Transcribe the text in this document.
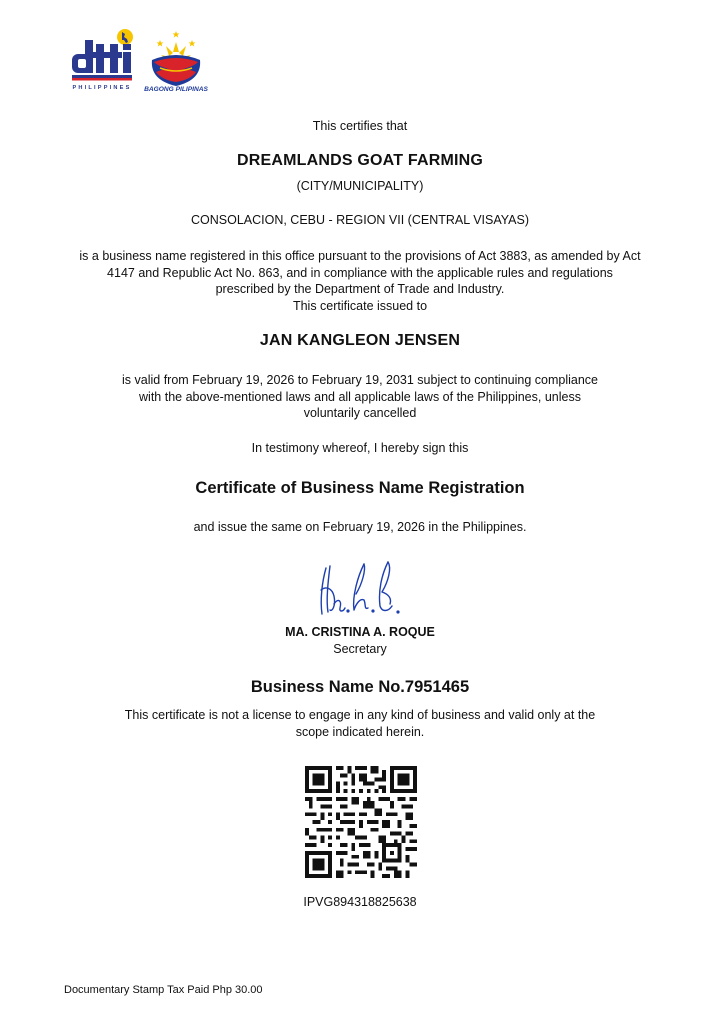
PHILIPPINES BAGONG PILIPINAS
This certifies that
DREAMLANDS GOAT FARMING
(CITY/MUNICIPALITY)
CONSOLACION, CEBU - REGION VII (CENTRAL VISAYAS)
is a business name registered in this office pursuant to the provisions of Act 3883, as amended by Act
4147 and Republic Act No. 863, and in compliance with the applicable rules and regulations
prescribed by the Department of Trade and Industry.
This certificate issued to
JAN KANGLEON JENSEN
is valid from February 19, 2026 to February 19, 2031 subject to continuing compliance
with the above-mentioned laws and all applicable laws of the Philippines, unless
voluntarily cancelled
In testimony whereof, I hereby sign this
Certificate of Business Name Registration
and issue the same on February 19, 2026 in the Philippines.
MA. CRISTINA A. ROQUE
Secretary
Business Name No.7951465
This certificate is not a license to engage in any kind of business and valid only at the
scope indicated herein.
IPVG894318825638
Documentary Stamp Tax Paid Php 30.00
